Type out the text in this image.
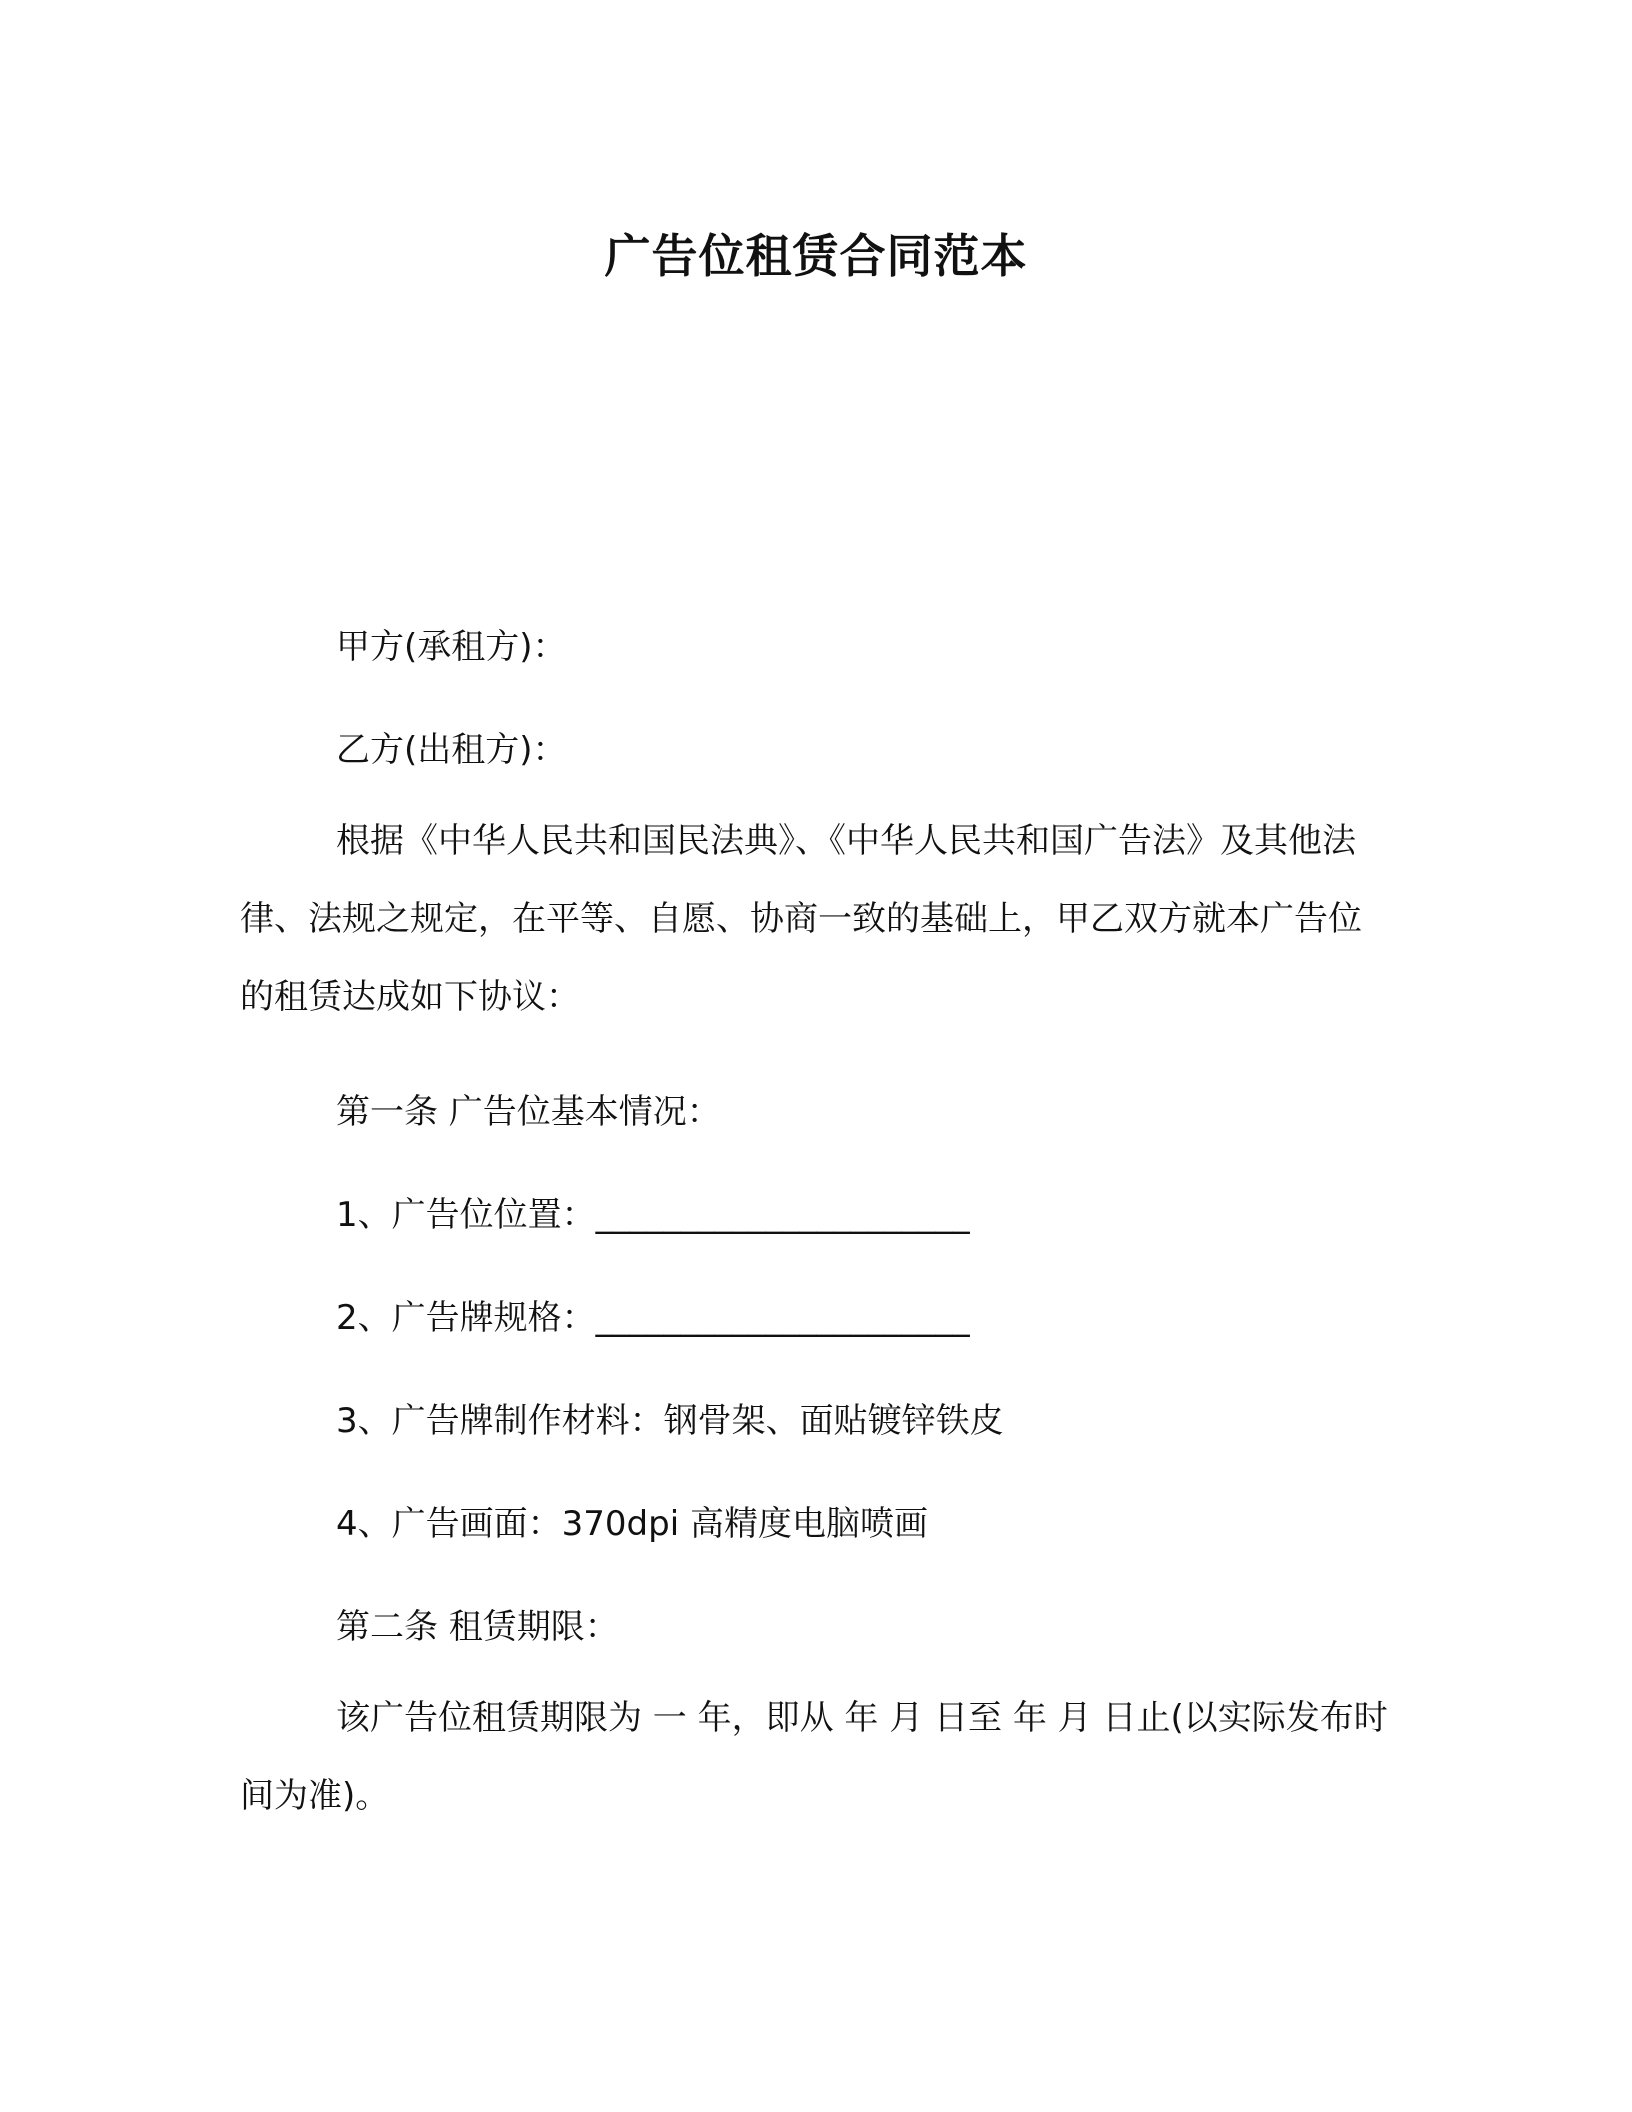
广告位租赁合同范本

甲方(承租方)：

乙方(出租方)：

根据《中华人民共和国民法典》、《中华人民共和国广告法》及其他法律、法规之规定，在平等、自愿、协商一致的基础上，甲乙双方就本广告位的租赁达成如下协议：

第一条 广告位基本情况：

1、广告位位置：______________________

2、广告牌规格：______________________

3、广告牌制作材料：钢骨架、面贴镀锌铁皮

4、广告画面：370dpi 高精度电脑喷画

第二条 租赁期限：

该广告位租赁期限为 一 年，即从 年 月 日至 年 月 日止(以实际发布时间为准)。
